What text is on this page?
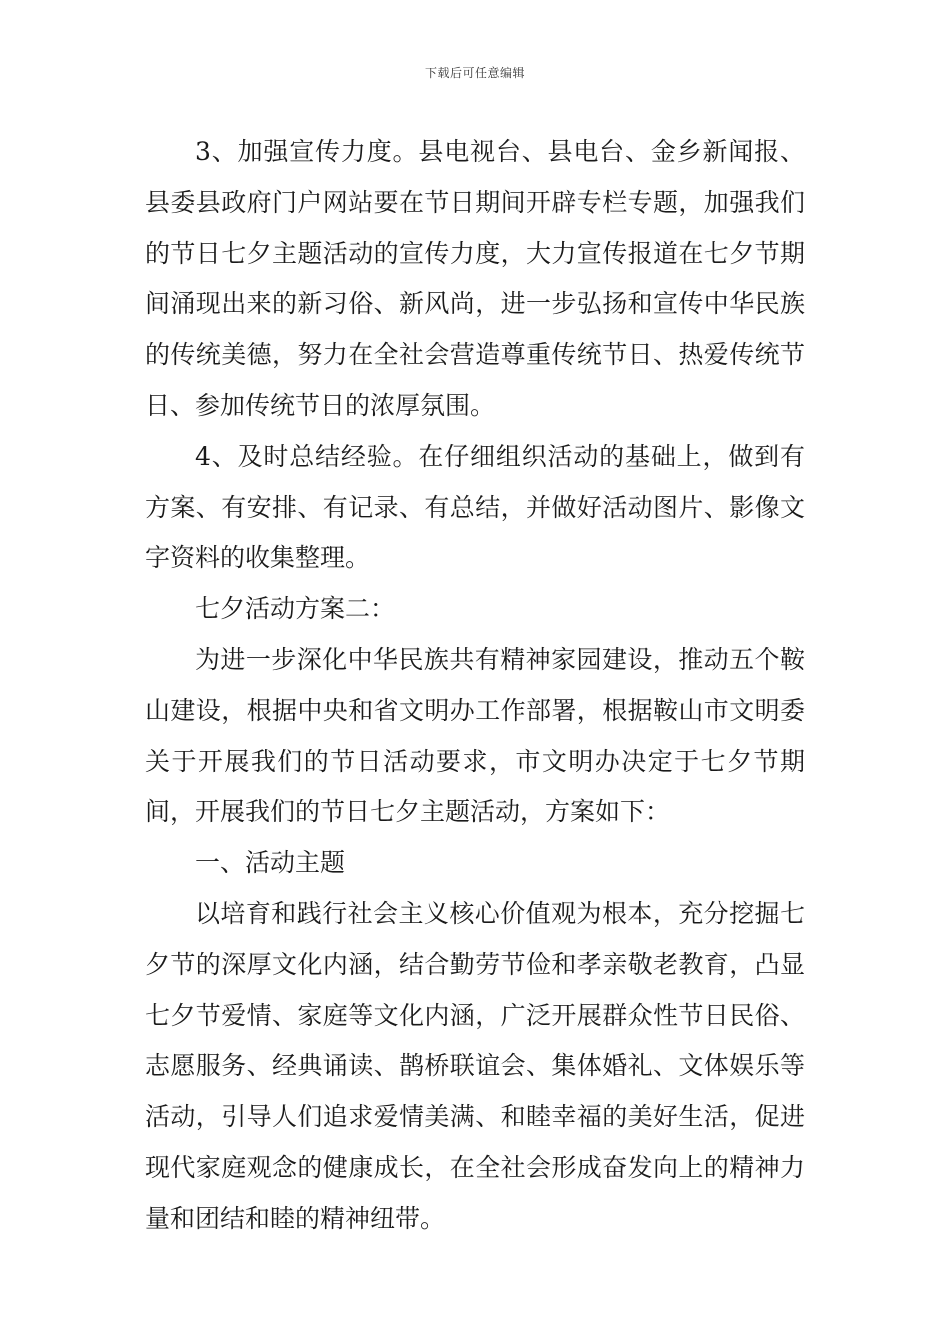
下载后可任意编辑

3、加强宣传力度。县电视台、县电台、金乡新闻报、县委县政府门户网站要在节日期间开辟专栏专题，加强我们的节日七夕主题活动的宣传力度，大力宣传报道在七夕节期间涌现出来的新习俗、新风尚，进一步弘扬和宣传中华民族的传统美德，努力在全社会营造尊重传统节日、热爱传统节日、参加传统节日的浓厚氛围。

4、及时总结经验。在仔细组织活动的基础上，做到有方案、有安排、有记录、有总结，并做好活动图片、影像文字资料的收集整理。

七夕活动方案二：

为进一步深化中华民族共有精神家园建设，推动五个鞍山建设，根据中央和省文明办工作部署，根据鞍山市文明委关于开展我们的节日活动要求，市文明办决定于七夕节期间，开展我们的节日七夕主题活动，方案如下：

一、活动主题

以培育和践行社会主义核心价值观为根本，充分挖掘七夕节的深厚文化内涵，结合勤劳节俭和孝亲敬老教育，凸显七夕节爱情、家庭等文化内涵，广泛开展群众性节日民俗、志愿服务、经典诵读、鹊桥联谊会、集体婚礼、文体娱乐等活动，引导人们追求爱情美满、和睦幸福的美好生活，促进现代家庭观念的健康成长，在全社会形成奋发向上的精神力量和团结和睦的精神纽带。
